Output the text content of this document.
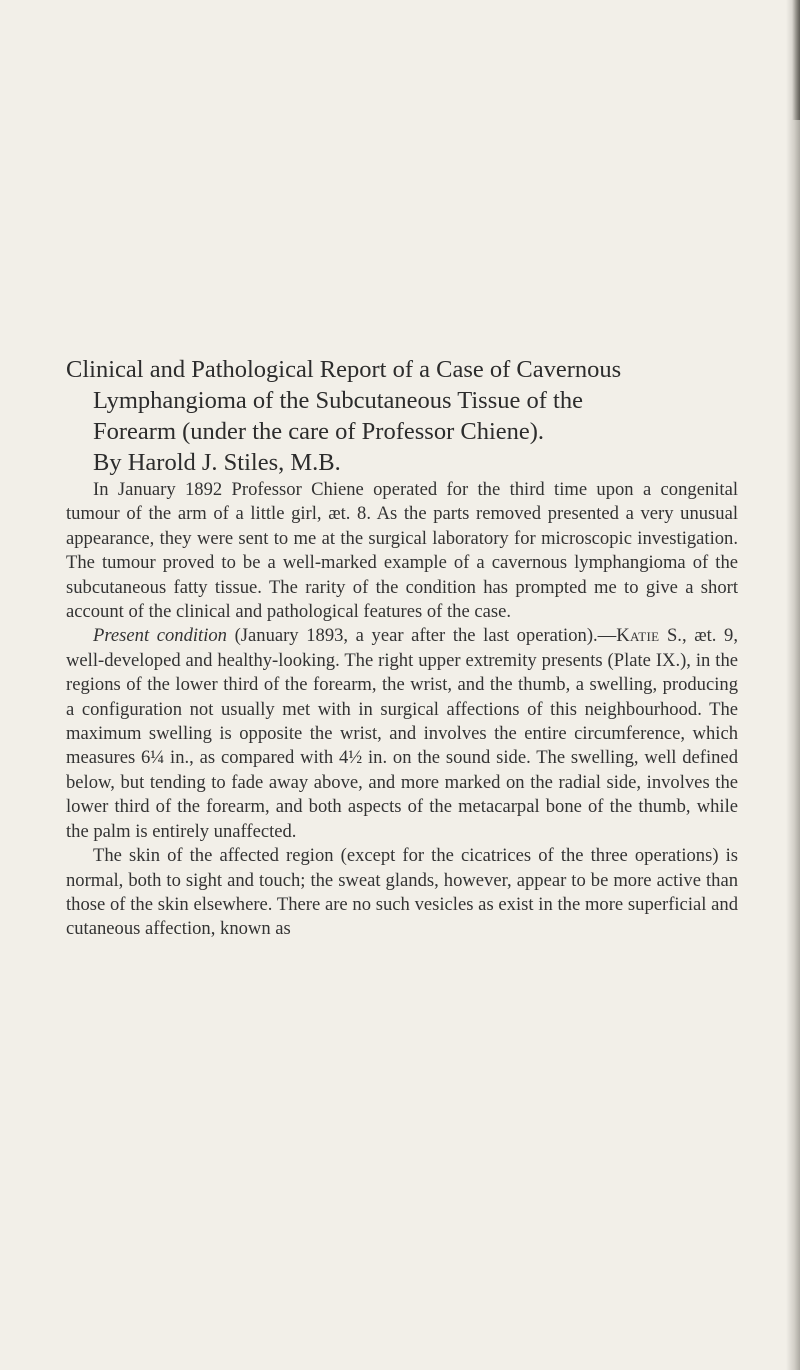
Clinical and Pathological Report of a Case of Cavernous
Lymphangioma of the Subcutaneous Tissue of the
Forearm (under the care of Professor Chiene).
By Harold J. Stiles, M.B.

In January 1892 Professor Chiene operated for the third time upon a congenital tumour of the arm of a little girl, æt. 8. As the parts removed presented a very unusual appearance, they were sent to me at the surgical laboratory for microscopic investigation. The tumour proved to be a well-marked example of a cavernous lymphangioma of the subcutaneous fatty tissue. The rarity of the condition has prompted me to give a short account of the clinical and pathological features of the case.

Present condition (January 1893, a year after the last operation).—Katie S., æt. 9, well-developed and healthy-looking. The right upper extremity presents (Plate IX.), in the regions of the lower third of the forearm, the wrist, and the thumb, a swelling, producing a configuration not usually met with in surgical affections of this neighbourhood. The maximum swelling is opposite the wrist, and involves the entire circumference, which measures 6¼ in., as compared with 4½ in. on the sound side. The swelling, well defined below, but tending to fade away above, and more marked on the radial side, involves the lower third of the forearm, and both aspects of the metacarpal bone of the thumb, while the palm is entirely unaffected.

The skin of the affected region (except for the cicatrices of the three operations) is normal, both to sight and touch; the sweat glands, however, appear to be more active than those of the skin elsewhere. There are no such vesicles as exist in the more superficial and cutaneous affection, known as
